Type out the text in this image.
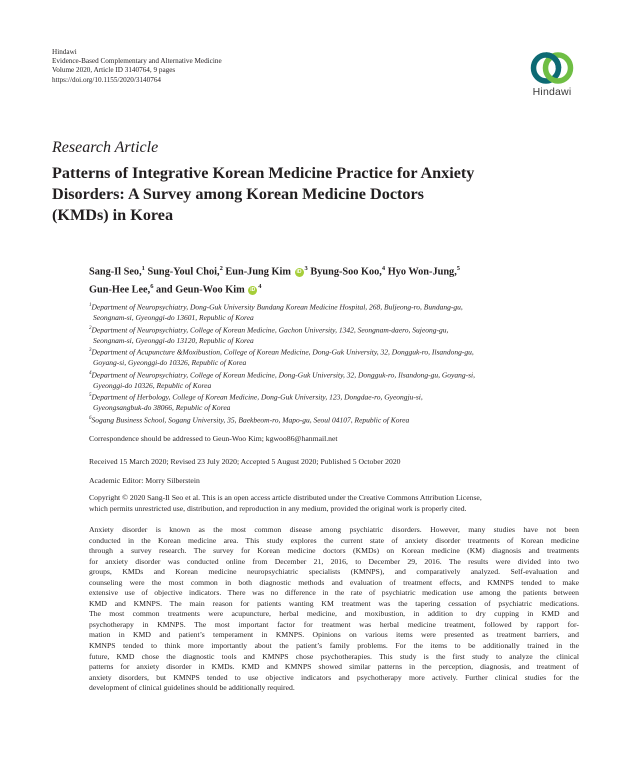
Hindawi
Evidence-Based Complementary and Alternative Medicine
Volume 2020, Article ID 3140764, 9 pages
https://doi.org/10.1155/2020/3140764
Hindawi
Research Article
Patterns of Integrative Korean Medicine Practice for Anxiety
Disorders: A Survey among Korean Medicine Doctors
(KMDs) in Korea
Sang-Il Seo,$^1$ Sung-Youl Choi,$^2$ Eun-Jung Kim iD $^3$ Byung-Soo Koo,$^4$ Hyo Won-Jung,$^5$
Gun-Hee Lee,$^6$ and Geun-Woo Kim iD $^4$
$^1$Department of Neuropsychiatry, Dong-Guk University Bundang Korean Medicine Hospital, 268, Buljeong-ro, Bundang-gu,
Seongnam-si, Gyeonggi-do 13601, Republic of Korea
$^2$Department of Neuropsychiatry, College of Korean Medicine, Gachon University, 1342, Seongnam-daero, Sujeong-gu,
Seongnam-si, Gyeonggi-do 13120, Republic of Korea
$^3$Department of Acupuncture &Moxibustion, College of Korean Medicine, Dong-Guk University, 32, Dongguk-ro, Ilsandong-gu,
Goyang-si, Gyeonggi-do 10326, Republic of Korea
$^4$Department of Neuropsychiatry, College of Korean Medicine, Dong-Guk University, 32, Dongguk-ro, Ilsandong-gu, Goyang-si,
Gyeonggi-do 10326, Republic of Korea
$^5$Department of Herbology, College of Korean Medicine, Dong-Guk University, 123, Dongdae-ro, Gyeongju-si,
Gyeongsangbuk-do 38066, Republic of Korea
$^6$Sogang Business School, Sogang University, 35, Baekbeom-ro, Mapo-gu, Seoul 04107, Republic of Korea
Correspondence should be addressed to Geun-Woo Kim; kgwoo86@hanmail.net
Received 15 March 2020; Revised 23 July 2020; Accepted 5 August 2020; Published 5 October 2020
Academic Editor: Morry Silberstein
Copyright © 2020 Sang-Il Seo et al. This is an open access article distributed under the Creative Commons Attribution License,
which permits unrestricted use, distribution, and reproduction in any medium, provided the original work is properly cited.
Anxiety disorder is known as the most common disease among psychiatric disorders. However, many studies have not been
conducted in the Korean medicine area. This study explores the current state of anxiety disorder treatments of Korean medicine
through a survey research. The survey for Korean medicine doctors (KMDs) on Korean medicine (KM) diagnosis and treatments
for anxiety disorder was conducted online from December 21, 2016, to December 29, 2016. The results were divided into two
groups, KMDs and Korean medicine neuropsychiatric specialists (KMNPS), and comparatively analyzed. Self-evaluation and
counseling were the most common in both diagnostic methods and evaluation of treatment effects, and KMNPS tended to make
extensive use of objective indicators. There was no difference in the rate of psychiatric medication use among the patients between
KMD and KMNPS. The main reason for patients wanting KM treatment was the tapering cessation of psychiatric medications.
The most common treatments were acupuncture, herbal medicine, and moxibustion, in addition to dry cupping in KMD and
psychotherapy in KMNPS. The most important factor for treatment was herbal medicine treatment, followed by rapport for-
mation in KMD and patient’s temperament in KMNPS. Opinions on various items were presented as treatment barriers, and
KMNPS tended to think more importantly about the patient’s family problems. For the items to be additionally trained in the
future, KMD chose the diagnostic tools and KMNPS chose psychotherapies. This study is the first study to analyze the clinical
patterns for anxiety disorder in KMDs. KMD and KMNPS showed similar patterns in the perception, diagnosis, and treatment of
anxiety disorders, but KMNPS tended to use objective indicators and psychotherapy more actively. Further clinical studies for the
development of clinical guidelines should be additionally required.
